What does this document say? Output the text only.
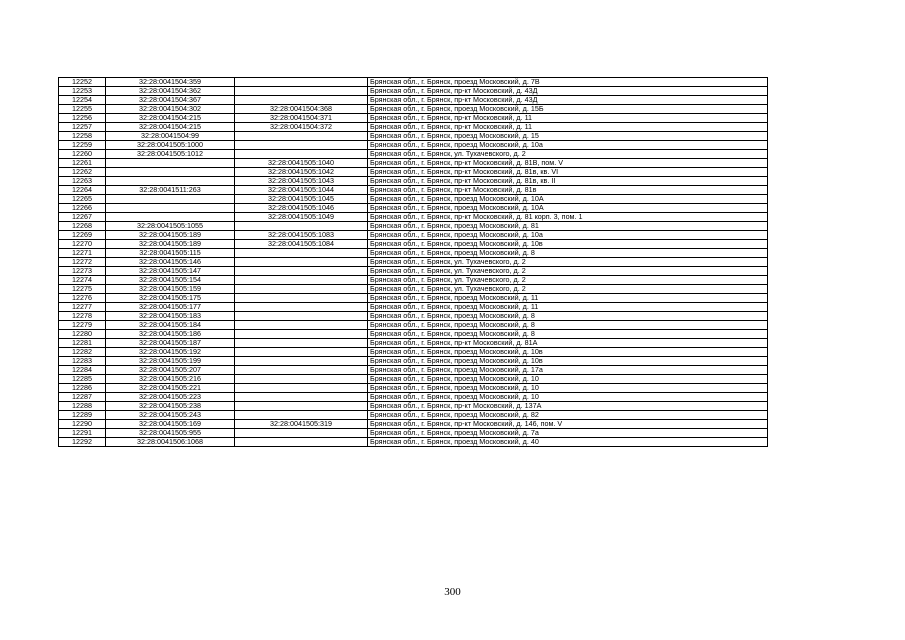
12252	32:28:0041504:359		Брянская обл., г. Брянск, проезд Московский, д. 7В
12253	32:28:0041504:362		Брянская обл., г. Брянск, пр-кт Московский, д. 43Д
12254	32:28:0041504:367		Брянская обл., г. Брянск, пр-кт Московский, д. 43Д
12255	32:28:0041504:302	32:28:0041504:368	Брянская обл., г. Брянск, проезд Московский, д. 15Б
12256	32:28:0041504:215	32:28:0041504:371	Брянская обл., г. Брянск, пр-кт Московский, д. 11
12257	32:28:0041504:215	32:28:0041504:372	Брянская обл., г. Брянск, пр-кт Московский, д. 11
12258	32:28:0041504:99		Брянская обл., г. Брянск, проезд Московский, д. 15
12259	32:28:0041505:1000		Брянская обл., г. Брянск, проезд Московский, д. 10а
12260	32:28:0041505:1012		Брянская обл., г. Брянск, ул. Тухачевского, д. 2
12261		32:28:0041505:1040	Брянская обл., г. Брянск, пр-кт Московский, д. 81В, пом. V
12262		32:28:0041505:1042	Брянская обл., г. Брянск, пр-кт Московский, д. 81в, кв. VI
12263		32:28:0041505:1043	Брянская обл., г. Брянск, пр-кт Московский, д. 81в, кв. II
12264	32:28:0041511:263	32:28:0041505:1044	Брянская обл., г. Брянск, пр-кт Московский, д. 81в
12265		32:28:0041505:1045	Брянская обл., г. Брянск, проезд Московский, д. 10А
12266		32:28:0041505:1046	Брянская обл., г. Брянск, проезд Московский, д. 10А
12267		32:28:0041505:1049	Брянская обл., г. Брянск, пр-кт Московский, д. 81 корп. 3, пом. 1
12268	32:28:0041505:1055		Брянская обл., г. Брянск, проезд Московский, д. 81
12269	32:28:0041505:189	32:28:0041505:1083	Брянская обл., г. Брянск, проезд Московский, д. 10а
12270	32:28:0041505:189	32:28:0041505:1084	Брянская обл., г. Брянск, проезд Московский, д. 10в
12271	32:28:0041505:115		Брянская обл., г. Брянск, проезд Московский, д. 8
12272	32:28:0041505:146		Брянская обл., г. Брянск, ул. Тухачевского, д. 2
12273	32:28:0041505:147		Брянская обл., г. Брянск, ул. Тухачевского, д. 2
12274	32:28:0041505:154		Брянская обл., г. Брянск, ул. Тухачевского, д. 2
12275	32:28:0041505:159		Брянская обл., г. Брянск, ул. Тухачевского, д. 2
12276	32:28:0041505:175		Брянская обл., г. Брянск, проезд Московский, д. 11
12277	32:28:0041505:177		Брянская обл., г. Брянск, проезд Московский, д. 11
12278	32:28:0041505:183		Брянская обл., г. Брянск, проезд Московский, д. 8
12279	32:28:0041505:184		Брянская обл., г. Брянск, проезд Московский, д. 8
12280	32:28:0041505:186		Брянская обл., г. Брянск, проезд Московский, д. 8
12281	32:28:0041505:187		Брянская обл., г. Брянск, пр-кт Московский, д. 81А
12282	32:28:0041505:192		Брянская обл., г. Брянск, проезд Московский, д. 10в
12283	32:28:0041505:199		Брянская обл., г. Брянск, проезд Московский, д. 10в
12284	32:28:0041505:207		Брянская обл., г. Брянск, проезд Московский, д. 17а
12285	32:28:0041505:216		Брянская обл., г. Брянск, проезд Московский, д. 10
12286	32:28:0041505:221		Брянская обл., г. Брянск, проезд Московский, д. 10
12287	32:28:0041505:223		Брянская обл., г. Брянск, проезд Московский, д. 10
12288	32:28:0041505:238		Брянская обл., г. Брянск, пр-кт Московский, д. 137А
12289	32:28:0041505:243		Брянская обл., г. Брянск, проезд Московский, д. 82
12290	32:28:0041505:169	32:28:0041505:319	Брянская обл., г. Брянск, пр-кт Московский, д. 146, пом. V
12291	32:28:0041505:955		Брянская обл., г. Брянск, проезд Московский, д. 7а
12292	32:28:0041506:1068		Брянская обл., г. Брянск, проезд Московский, д. 40
300
